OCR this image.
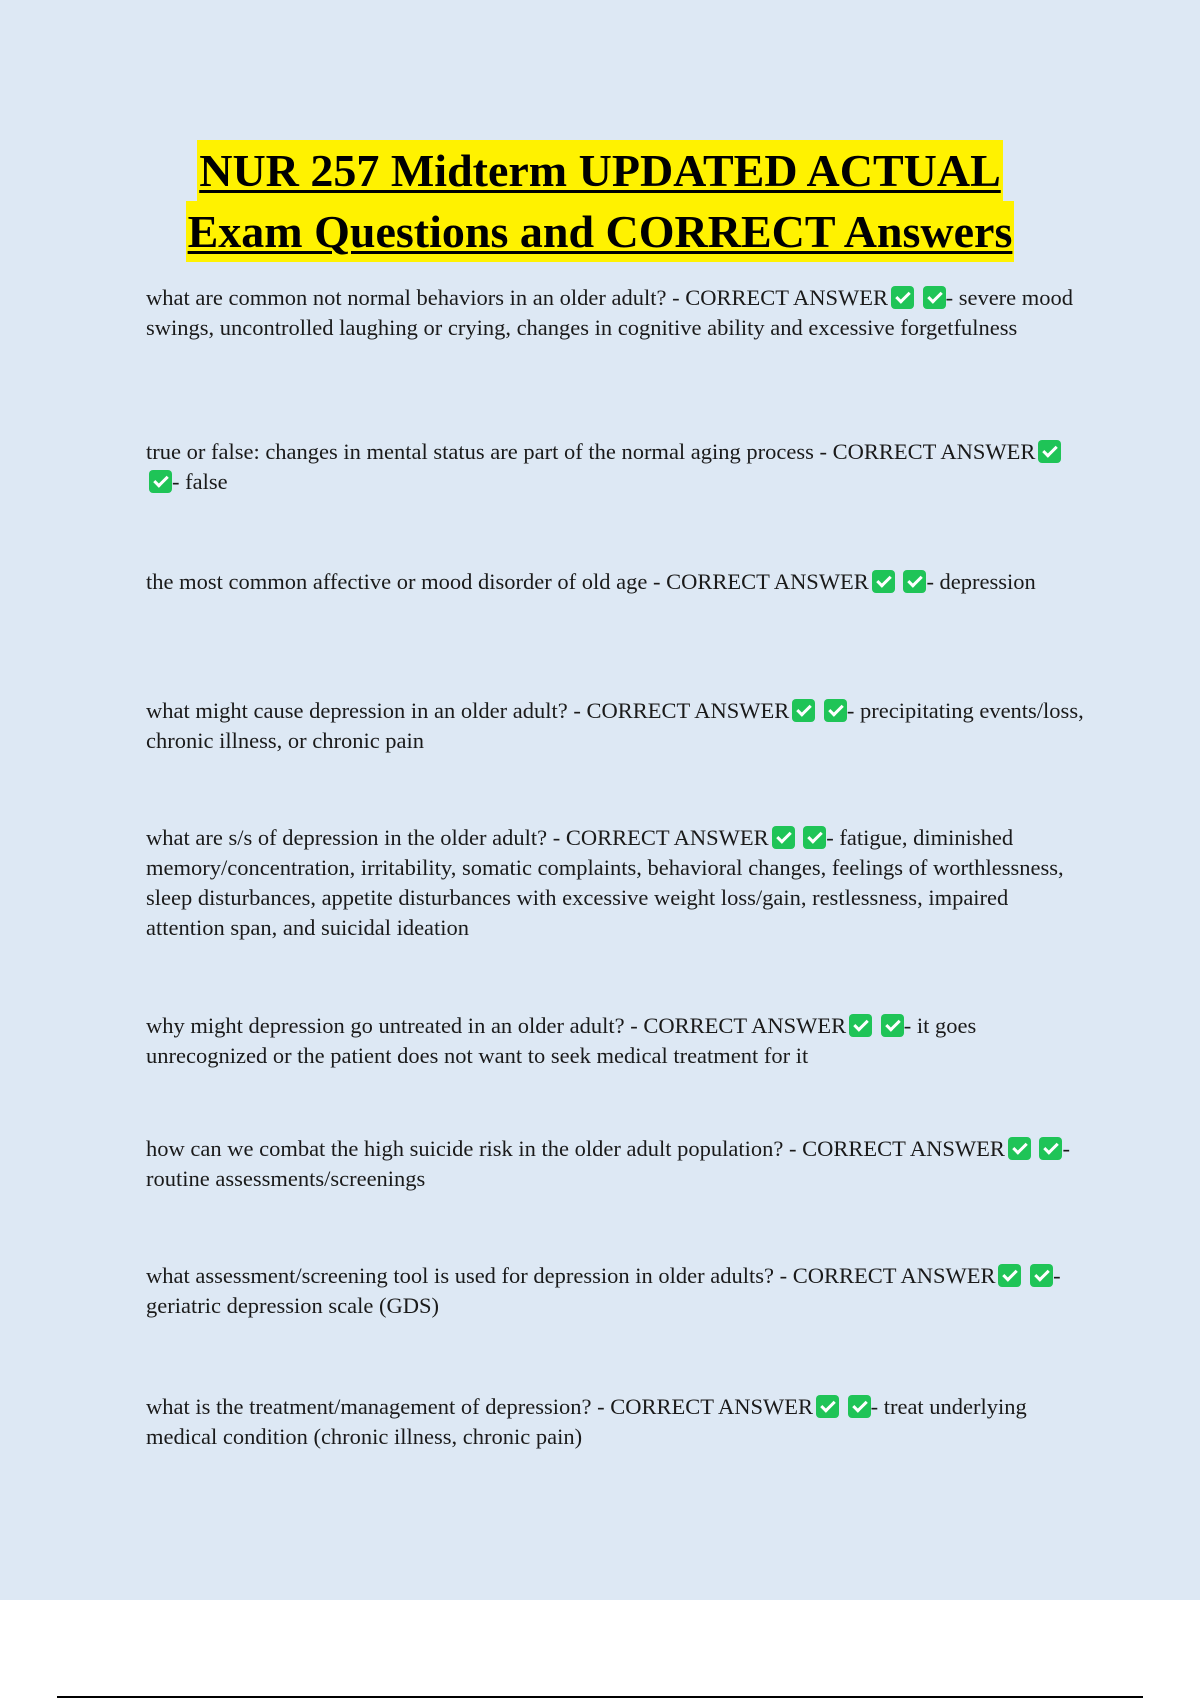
NUR 257 Midterm UPDATED ACTUAL
Exam Questions and CORRECT Answers

what are common not normal behaviors in an older adult? - CORRECT ANSWER	- severe mood swings, uncontrolled laughing or crying, changes in cognitive ability and excessive forgetfulness

true or false: changes in mental status are part of the normal aging process - CORRECT ANSWER - false

the most common affective or mood disorder of old age - CORRECT ANSWER	- depression

what might cause depression in an older adult? - CORRECT ANSWER	- precipitating events/loss, chronic illness, or chronic pain

what are s/s of depression in the older adult? - CORRECT ANSWER	- fatigue, diminished memory/concentration, irritability, somatic complaints, behavioral changes, feelings of worthlessness, sleep disturbances, appetite disturbances with excessive weight loss/gain, restlessness, impaired attention span, and suicidal ideation

why might depression go untreated in an older adult? - CORRECT ANSWER	- it goes unrecognized or the patient does not want to seek medical treatment for it

how can we combat the high suicide risk in the older adult population? - CORRECT ANSWER	- routine assessments/screenings

what assessment/screening tool is used for depression in older adults? - CORRECT ANSWER	- geriatric depression scale (GDS)

what is the treatment/management of depression? - CORRECT ANSWER	- treat underlying medical condition (chronic illness, chronic pain)
